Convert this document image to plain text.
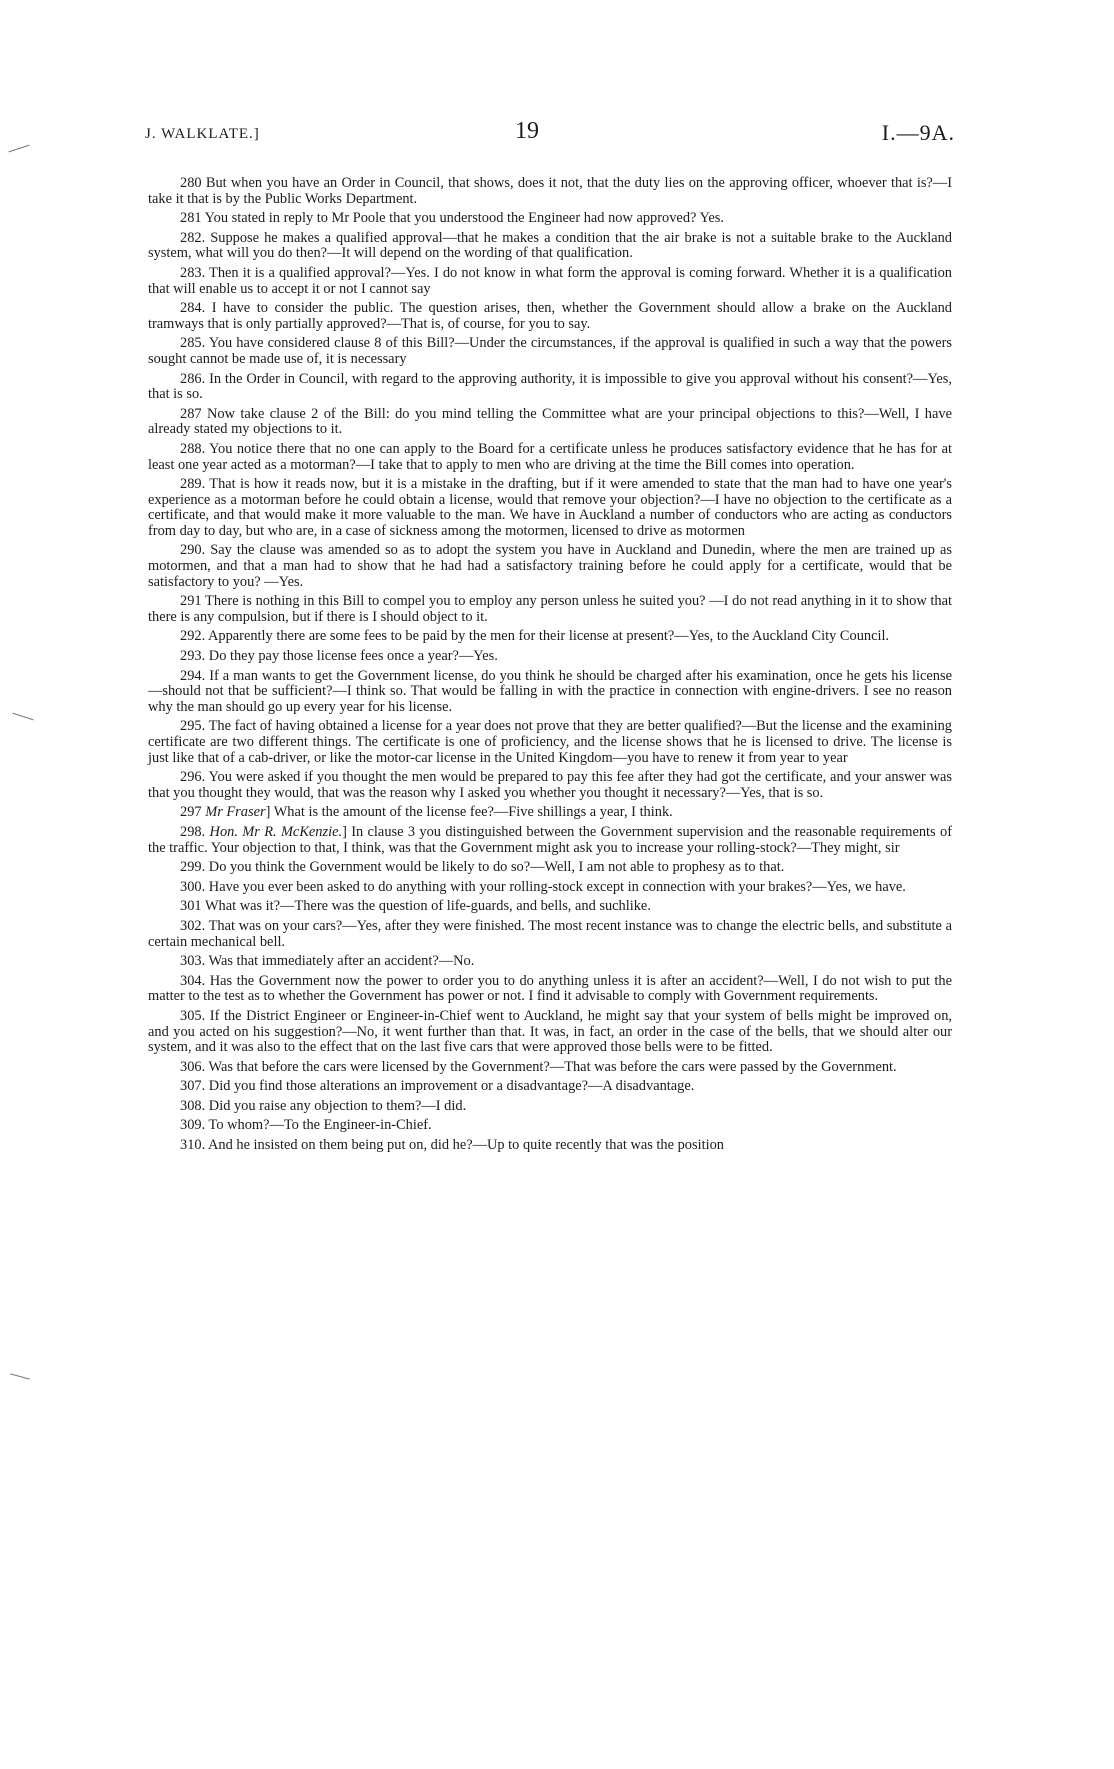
J. WALKLATE.]	19	I.—9A.

280 But when you have an Order in Council, that shows, does it not, that the duty lies on the approving officer, whoever that is?—I take it that is by the Public Works Department.

281 You stated in reply to Mr Poole that you understood the Engineer had now approved? Yes.

282. Suppose he makes a qualified approval—that he makes a condition that the air brake is not a suitable brake to the Auckland system, what will you do then?—It will depend on the wording of that qualification.

283. Then it is a qualified approval?—Yes. I do not know in what form the approval is coming forward. Whether it is a qualification that will enable us to accept it or not I cannot say

284. I have to consider the public. The question arises, then, whether the Government should allow a brake on the Auckland tramways that is only partially approved?—That is, of course, for you to say.

285. You have considered clause 8 of this Bill?—Under the circumstances, if the approval is qualified in such a way that the powers sought cannot be made use of, it is necessary

286. In the Order in Council, with regard to the approving authority, it is impossible to give you approval without his consent?—Yes, that is so.

287 Now take clause 2 of the Bill: do you mind telling the Committee what are your principal objections to this?—Well, I have already stated my objections to it.

288. You notice there that no one can apply to the Board for a certificate unless he produces satisfactory evidence that he has for at least one year acted as a motorman?—I take that to apply to men who are driving at the time the Bill comes into operation.

289. That is how it reads now, but it is a mistake in the drafting, but if it were amended to state that the man had to have one year's experience as a motorman before he could obtain a license, would that remove your objection?—I have no objection to the certificate as a certificate, and that would make it more valuable to the man. We have in Auckland a number of conductors who are acting as conductors from day to day, but who are, in a case of sickness among the motormen, licensed to drive as motormen

290. Say the clause was amended so as to adopt the system you have in Auckland and Dunedin, where the men are trained up as motormen, and that a man had to show that he had had a satisfactory training before he could apply for a certificate, would that be satisfactory to you? —Yes.

291 There is nothing in this Bill to compel you to employ any person unless he suited you? —I do not read anything in it to show that there is any compulsion, but if there is I should object to it.

292. Apparently there are some fees to be paid by the men for their license at present?—Yes, to the Auckland City Council.

293. Do they pay those license fees once a year?—Yes.

294. If a man wants to get the Government license, do you think he should be charged after his examination, once he gets his license—should not that be sufficient?—I think so. That would be falling in with the practice in connection with engine-drivers. I see no reason why the man should go up every year for his license.

295. The fact of having obtained a license for a year does not prove that they are better qualified?—But the license and the examining certificate are two different things. The certificate is one of proficiency, and the license shows that he is licensed to drive. The license is just like that of a cab-driver, or like the motor-car license in the United Kingdom—you have to renew it from year to year

296. You were asked if you thought the men would be prepared to pay this fee after they had got the certificate, and your answer was that you thought they would, that was the reason why I asked you whether you thought it necessary?—Yes, that is so.

297 Mr Fraser] What is the amount of the license fee?—Five shillings a year, I think.

298. Hon. Mr R. McKenzie.] In clause 3 you distinguished between the Government supervision and the reasonable requirements of the traffic. Your objection to that, I think, was that the Government might ask you to increase your rolling-stock?—They might, sir

299. Do you think the Government would be likely to do so?—Well, I am not able to prophesy as to that.

300. Have you ever been asked to do anything with your rolling-stock except in connection with your brakes?—Yes, we have.

301 What was it?—There was the question of life-guards, and bells, and suchlike.

302. That was on your cars?—Yes, after they were finished. The most recent instance was to change the electric bells, and substitute a certain mechanical bell.

303. Was that immediately after an accident?—No.

304. Has the Government now the power to order you to do anything unless it is after an accident?—Well, I do not wish to put the matter to the test as to whether the Government has power or not. I find it advisable to comply with Government requirements.

305. If the District Engineer or Engineer-in-Chief went to Auckland, he might say that your system of bells might be improved on, and you acted on his suggestion?—No, it went further than that. It was, in fact, an order in the case of the bells, that we should alter our system, and it was also to the effect that on the last five cars that were approved those bells were to be fitted.

306. Was that before the cars were licensed by the Government?—That was before the cars were passed by the Government.

307. Did you find those alterations an improvement or a disadvantage?—A disadvantage.

308. Did you raise any objection to them?—I did.

309. To whom?—To the Engineer-in-Chief.

310. And he insisted on them being put on, did he?—Up to quite recently that was the position
